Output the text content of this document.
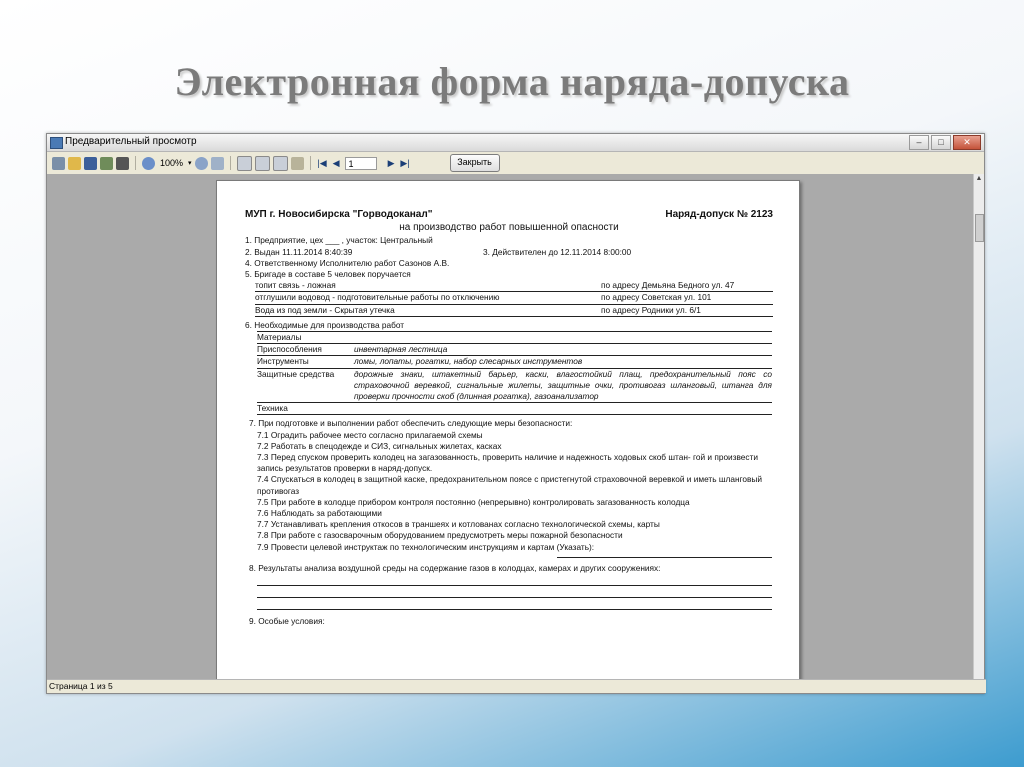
Электронная форма наряда-допуска
Предварительный просмотр	–	□	✕
100% ▾	|◀ ◀	1	▶ ▶|	Закрыть
МУП г. Новосибирска "Горводоканал"	Наряд-допуск № 2123
на производство работ повышенной опасности
1. Предприятие, цех ___ , участок: Центральный
2. Выдан 11.11.2014 8:40:39	3. Действителен до 12.11.2014 8:00:00
4. Ответственному Исполнителю работ Сазонов А.В.
5. Бригаде в составе 5 человек поручается
топит связь - ложная	по адресу Демьяна Бедного ул. 47
отглушили водовод - подготовительные работы по отключению	по адресу Советская ул. 101
Вода из под земли - Скрытая утечка	по адресу Родники ул. 6/1
6. Необходимые для производства работ
Материалы
Приспособления	инвентарная лестница
Инструменты	ломы, лопаты, рогатки, набор слесарных инструментов
Защитные средства	дорожные знаки, штакетный барьер, каски, влагостойкий плащ, предохранительный пояс со страховочной веревкой, сигнальные жилеты, защитные очки, противогаз шланговый, штанга для проверки прочности скоб (длинная рогатка), газоанализатор
Техника
7. При подготовке и выполнении работ обеспечить следующие меры безопасности:
7.1 Оградить рабочее место согласно прилагаемой схемы
7.2 Работать в спецодежде и СИЗ, сигнальных жилетах, касках
7.3 Перед спуском проверить колодец на загазованность, проверить наличие и надежность ходовых скоб штан- гой и произвести запись результатов проверки в наряд-допуск.
7.4 Спускаться в колодец в защитной каске, предохранительном поясе с пристегнутой страховочной веревкой и иметь шланговый противогаз
7.5 При работе в колодце прибором контроля постоянно (непрерывно) контролировать загазованность колодца
7.6 Наблюдать за работающими
7.7 Устанавливать крепления откосов в траншеях и котлованах согласно технологической схемы, карты
7.8 При работе с газосварочным оборудованием предусмотреть меры пожарной безопасности
7.9 Провести целевой инструктаж по технологическим инструкциям и картам (Указать):
8. Результаты анализа воздушной среды на содержание газов в колодцах, камерах и других сооружениях:
9. Особые условия:
▲
Страница 1 из 5
